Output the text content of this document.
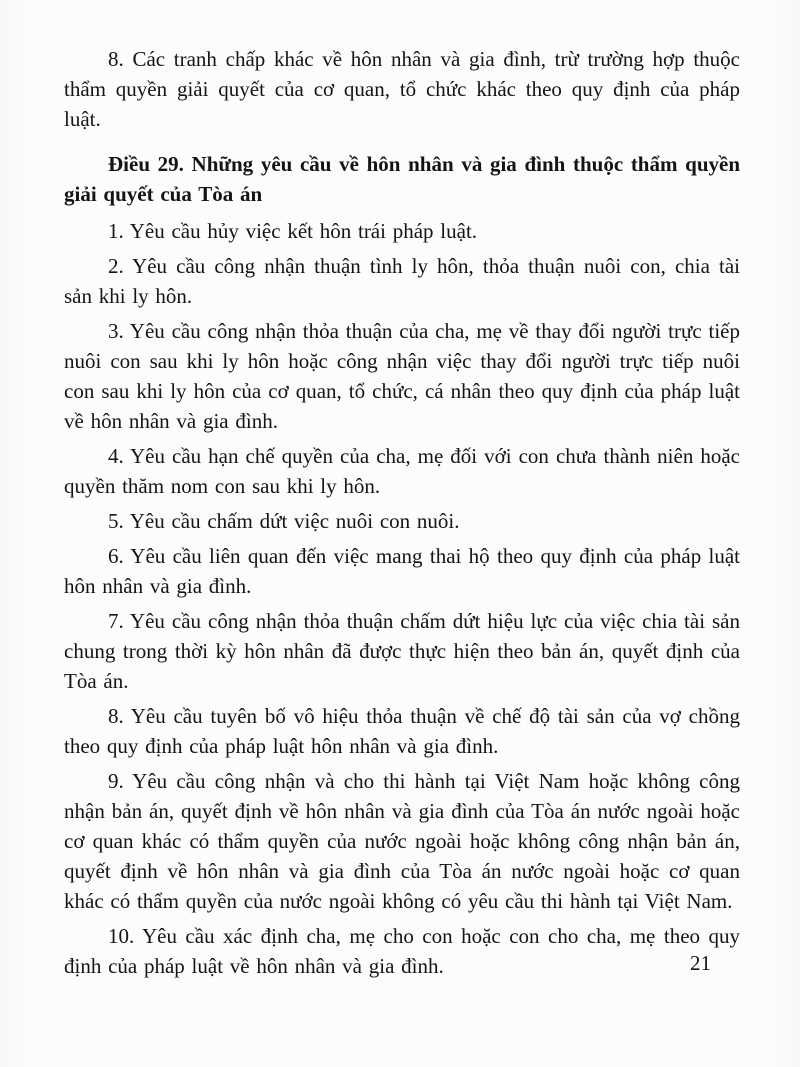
8. Các tranh chấp khác về hôn nhân và gia đình, trừ trường hợp thuộc thẩm quyền giải quyết của cơ quan, tổ chức khác theo quy định của pháp luật.

Điều 29. Những yêu cầu về hôn nhân và gia đình thuộc thẩm quyền giải quyết của Tòa án

1. Yêu cầu hủy việc kết hôn trái pháp luật.

2. Yêu cầu công nhận thuận tình ly hôn, thỏa thuận nuôi con, chia tài sản khi ly hôn.

3. Yêu cầu công nhận thỏa thuận của cha, mẹ về thay đổi người trực tiếp nuôi con sau khi ly hôn hoặc công nhận việc thay đổi người trực tiếp nuôi con sau khi ly hôn của cơ quan, tổ chức, cá nhân theo quy định của pháp luật về hôn nhân và gia đình.

4. Yêu cầu hạn chế quyền của cha, mẹ đối với con chưa thành niên hoặc quyền thăm nom con sau khi ly hôn.

5. Yêu cầu chấm dứt việc nuôi con nuôi.

6. Yêu cầu liên quan đến việc mang thai hộ theo quy định của pháp luật hôn nhân và gia đình.

7. Yêu cầu công nhận thỏa thuận chấm dứt hiệu lực của việc chia tài sản chung trong thời kỳ hôn nhân đã được thực hiện theo bản án, quyết định của Tòa án.

8. Yêu cầu tuyên bố vô hiệu thỏa thuận về chế độ tài sản của vợ chồng theo quy định của pháp luật hôn nhân và gia đình.

9. Yêu cầu công nhận và cho thi hành tại Việt Nam hoặc không công nhận bản án, quyết định về hôn nhân và gia đình của Tòa án nước ngoài hoặc cơ quan khác có thẩm quyền của nước ngoài hoặc không công nhận bản án, quyết định về hôn nhân và gia đình của Tòa án nước ngoài hoặc cơ quan khác có thẩm quyền của nước ngoài không có yêu cầu thi hành tại Việt Nam.

10. Yêu cầu xác định cha, mẹ cho con hoặc con cho cha, mẹ theo quy định của pháp luật về hôn nhân và gia đình.	21
